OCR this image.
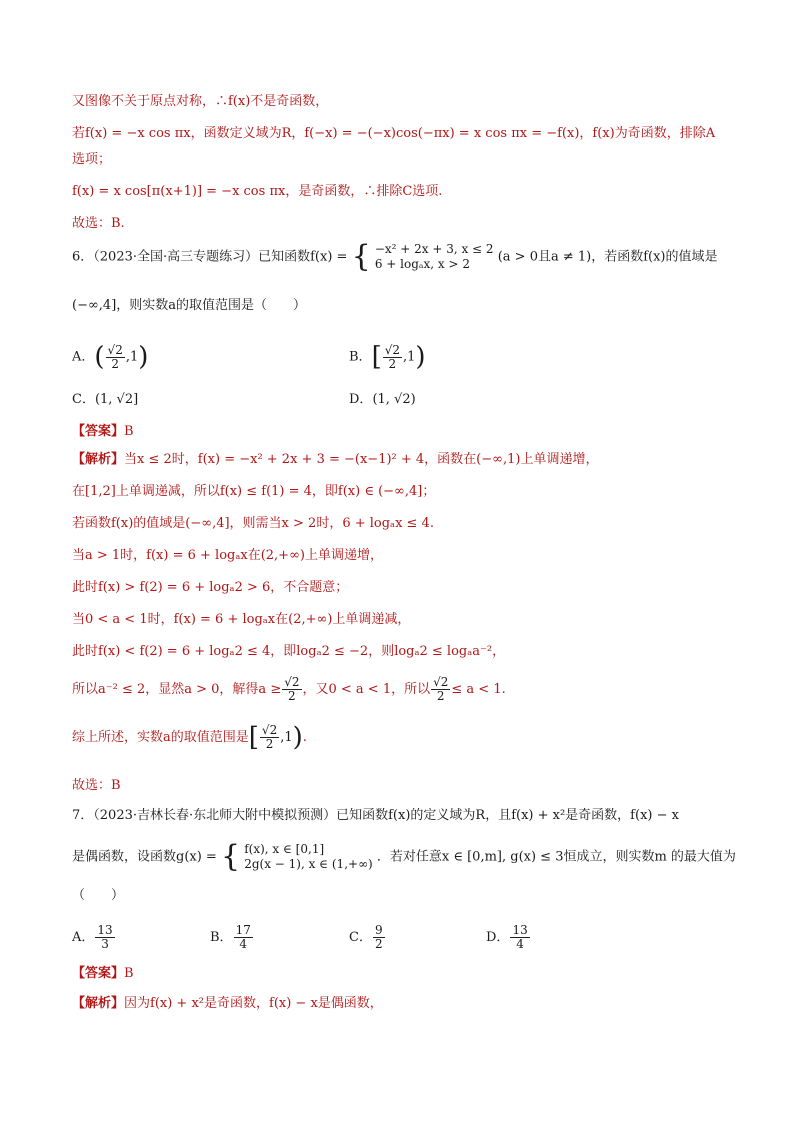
又图像不关于原点对称，∴f(x)不是奇函数，
若f(x) = −x cos πx，函数定义域为R，f(−x) = −(−x)cos(−πx) = x cos πx = −f(x)，f(x)为奇函数，排除A
选项；
f(x) = x cos[π(x+1)] = −x cos πx，是奇函数，∴排除C选项.
故选：B.
6．（2023·全国·高三专题练习）已知函数f(x) = { −x² + 2x + 3, x ≤ 2
6 + logₐx, x > 2	(a > 0且a ≠ 1)，若函数f(x)的值域是
(−∞,4]，则实数a的取值范围是（　　）
A．( $\frac{√2}{2} ,1$)	B．[ $\frac{√2}{2} ,1$)
C．(1, √2]	D．(1, √2)
【答案】B
【解析】当x ≤ 2时，f(x) = −x² + 2x + 3 = −(x−1)² + 4，函数在(−∞,1)上单调递增，
在[1,2]上单调递减，所以f(x) ≤ f(1) = 4，即f(x) ∈ (−∞,4]；
若函数f(x)的值域是(−∞,4]，则需当x > 2时，6 + logₐx ≤ 4.
当a > 1时，f(x) = 6 + logₐx在(2,+∞)上单调递增，
此时f(x) > f(2) = 6 + logₐ2 > 6，不合题意；
当0 < a < 1时，f(x) = 6 + logₐx在(2,+∞)上单调递减，
此时f(x) < f(2) = 6 + logₐ2 ≤ 4，即logₐ2 ≤ −2，则logₐ2 ≤ logₐa⁻²，
所以a⁻² ≤ 2，显然a > 0，解得$a \ge \frac{√2}{2}$ ，又0 < a < 1，所以 $\frac{√2}{2} \le a < 1$.
综上所述，实数a的取值范围是[ $\frac{√2}{2} ,1$).
故选：B
7．（2023·吉林长春·东北师大附中模拟预测）已知函数f(x)的定义域为R，且f(x) + x²是奇函数，f(x) − x
是偶函数，设函数g(x) = { f(x), x ∈ [0,1]
2g(x − 1), x ∈ (1,+∞) ．若对任意x ∈ [0,m], g(x) ≤ 3恒成立，则实数m 的最大值为
（　　）
A． $\frac{13}{3}$	B． $\frac{17}{4}$	C． $\frac{9}{2}$	D． $\frac{13}{4}$
【答案】B
【解析】因为f(x) + x²是奇函数，f(x) − x是偶函数，
